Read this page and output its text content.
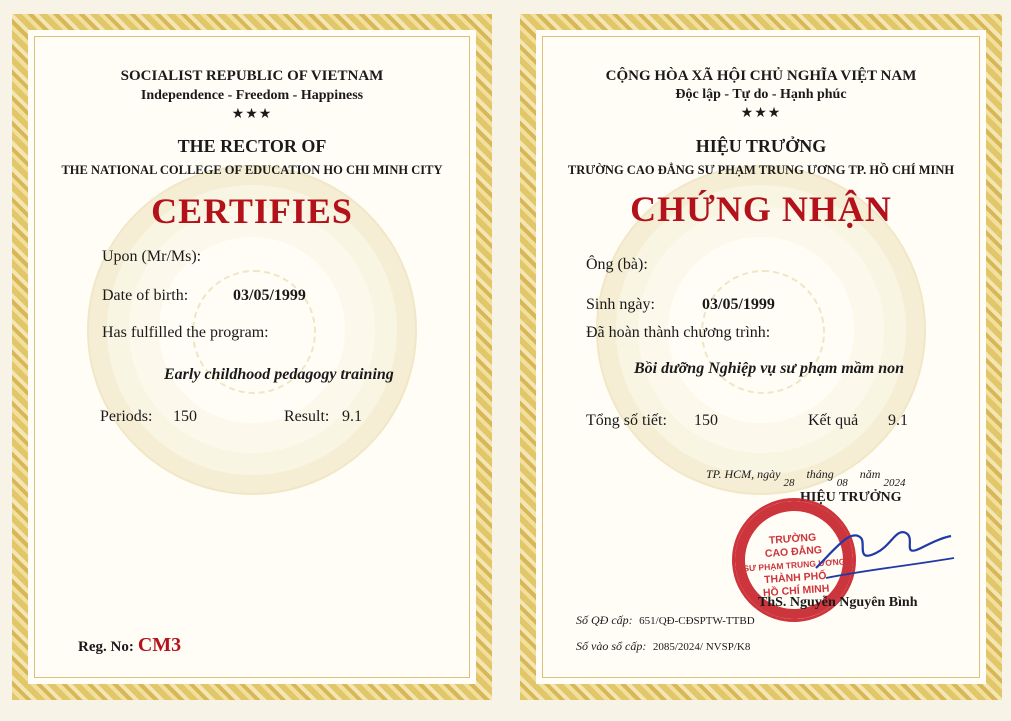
SOCIALIST REPUBLIC OF VIETNAM
Independence - Freedom - Happiness
★★★
THE RECTOR OF
THE NATIONAL COLLEGE OF EDUCATION HO CHI MINH CITY
CERTIFIES
Upon (Mr/Ms):
Date of birth:	03/05/1999
Has fulfilled the program:
Early childhood pedagogy training
Periods: 150	Result: 9.1
Reg. No: CM3
CỘNG HÒA XÃ HỘI CHỦ NGHĨA VIỆT NAM
Độc lập - Tự do - Hạnh phúc
★★★
HIỆU TRƯỞNG
TRƯỜNG CAO ĐẲNG SƯ PHẠM TRUNG ƯƠNG TP. HỒ CHÍ MINH
CHỨNG NHẬN
Ông (bà):
Sinh ngày:	03/05/1999
Đã hoàn thành chương trình:
Bồi dưỡng Nghiệp vụ sư phạm mầm non
Tổng số tiết: 150	Kết quả 9.1
TP. HCM, ngày 28    tháng 08    năm 2024
HIỆU TRƯỞNG
TRƯỜNG
CAO ĐẲNG
SƯ PHẠM TRUNG ƯƠNG
THÀNH PHỐ
HỒ CHÍ MINH
ThS. Nguyễn Nguyên Bình
Số QĐ cấp: 651/QĐ-CĐSPTW-TTBD
Số vào sổ cấp: 2085/2024/ NVSP/K8
